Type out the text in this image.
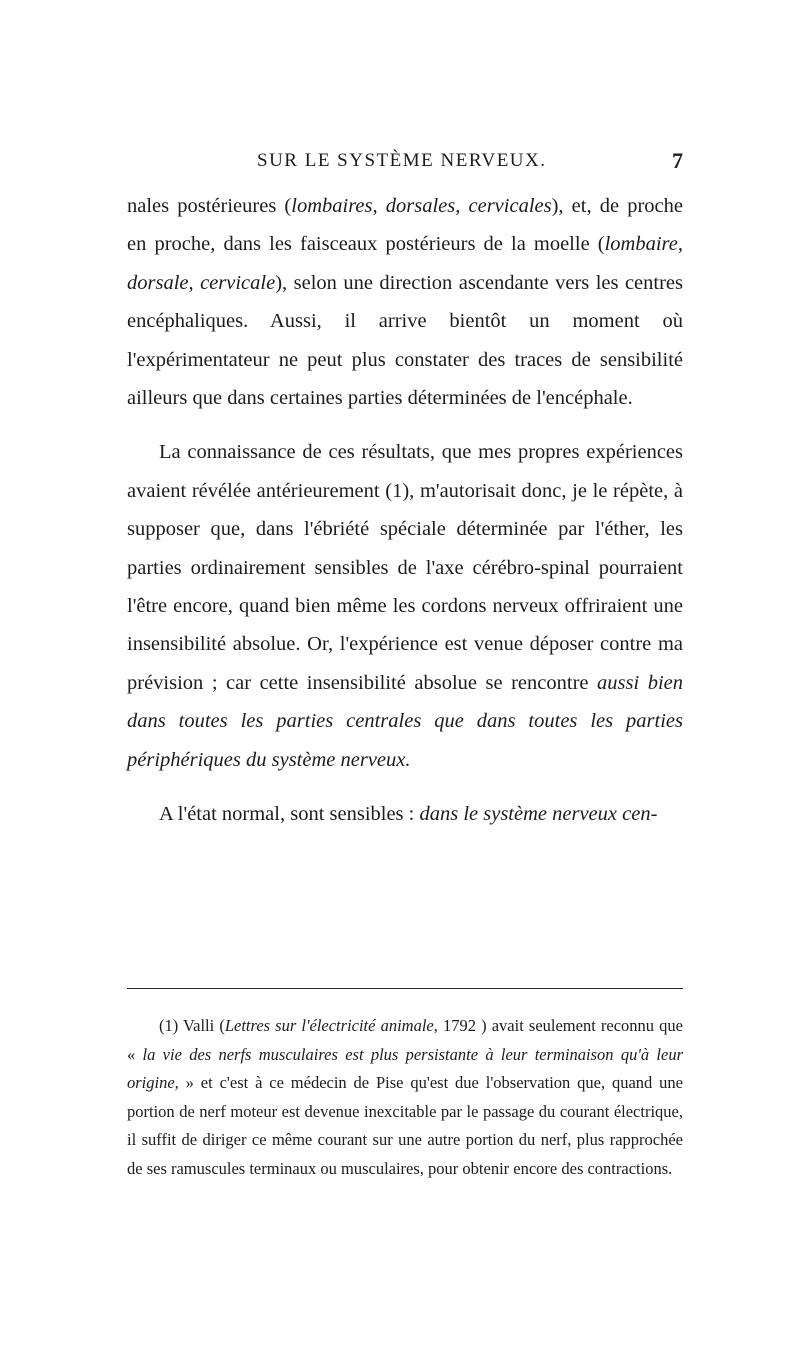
SUR LE SYSTÈME NERVEUX.	7

nales postérieures (lombaires, dorsales, cervicales), et, de proche en proche, dans les faisceaux postérieurs de la moelle (lombaire, dorsale, cervicale), selon une direction ascendante vers les centres encéphaliques. Aussi, il arrive bientôt un moment où l'expérimentateur ne peut plus constater des traces de sensibilité ailleurs que dans certaines parties déterminées de l'encéphale.

La connaissance de ces résultats, que mes propres expériences avaient révélée antérieurement (1), m'autorisait donc, je le répète, à supposer que, dans l'ébriété spéciale déterminée par l'éther, les parties ordinairement sensibles de l'axe cérébro-spinal pourraient l'être encore, quand bien même les cordons nerveux offriraient une insensibilité absolue. Or, l'expérience est venue déposer contre ma prévision ; car cette insensibilité absolue se rencontre aussi bien dans toutes les parties centrales que dans toutes les parties périphériques du système nerveux.

A l'état normal, sont sensibles : dans le système nerveux cen-

(1) Valli (Lettres sur l'électricité animale, 1792 ) avait seulement reconnu que « la vie des nerfs musculaires est plus persistante à leur terminaison qu'à leur origine, » et c'est à ce médecin de Pise qu'est due l'observation que, quand une portion de nerf moteur est devenue inexcitable par le passage du courant électrique, il suffit de diriger ce même courant sur une autre portion du nerf, plus rapprochée de ses ramuscules terminaux ou musculaires, pour obtenir encore des contractions.
